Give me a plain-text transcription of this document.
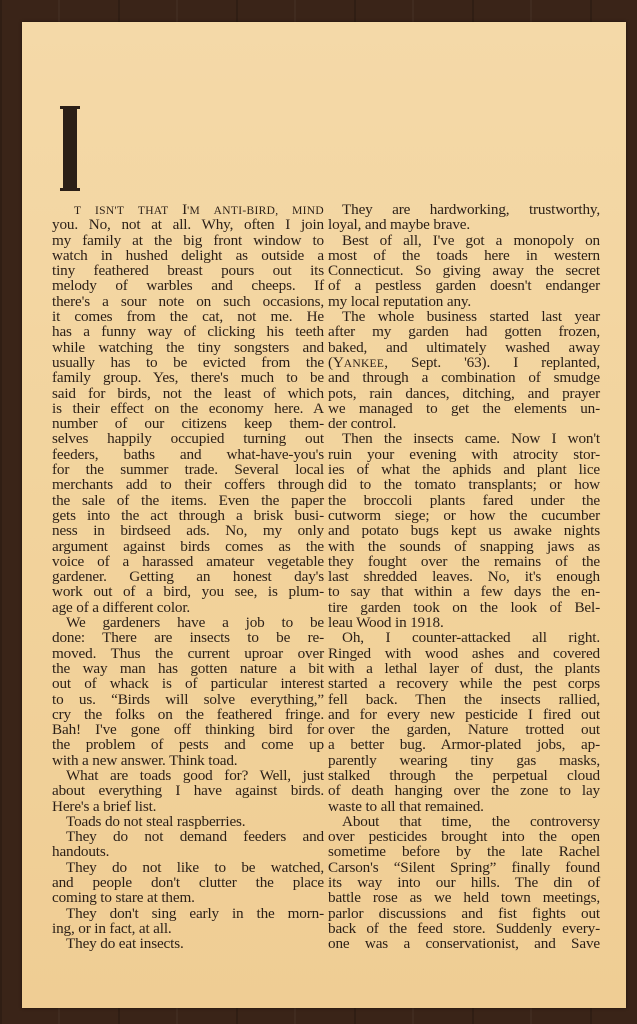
T ISN'T THAT I'M ANTI-BIRD, MIND
you. No, not at all. Why, often I join
my family at the big front window to
watch in hushed delight as outside a
tiny feathered breast pours out its
melody of warbles and cheeps. If
there's a sour note on such occasions,
it comes from the cat, not me. He
has a funny way of clicking his teeth
while watching the tiny songsters and
usually has to be evicted from the
family group. Yes, there's much to be
said for birds, not the least of which
is their effect on the economy here. A
number of our citizens keep them-
selves happily occupied turning out
feeders, baths and what-have-you's
for the summer trade. Several local
merchants add to their coffers through
the sale of the items. Even the paper
gets into the act through a brisk busi-
ness in birdseed ads. No, my only
argument against birds comes as the
voice of a harassed amateur vegetable
gardener. Getting an honest day's
work out of a bird, you see, is plum-
age of a different color.
We gardeners have a job to be
done: There are insects to be re-
moved. Thus the current uproar over
the way man has gotten nature a bit
out of whack is of particular interest
to us. “Birds will solve everything,”
cry the folks on the feathered fringe.
Bah! I've gone off thinking bird for
the problem of pests and come up
with a new answer. Think toad.
What are toads good for? Well, just
about everything I have against birds.
Here's a brief list.
Toads do not steal raspberries.
They do not demand feeders and
handouts.
They do not like to be watched,
and people don't clutter the place
coming to stare at them.
They don't sing early in the morn-
ing, or in fact, at all.
They do eat insects.
They are hardworking, trustworthy,
loyal, and maybe brave.
Best of all, I've got a monopoly on
most of the toads here in western
Connecticut. So giving away the secret
of a pestless garden doesn't endanger
my local reputation any.
The whole business started last year
after my garden had gotten frozen,
baked, and ultimately washed away
(YANKEE, Sept. '63). I replanted,
and through a combination of smudge
pots, rain dances, ditching, and prayer
we managed to get the elements un-
der control.
Then the insects came. Now I won't
ruin your evening with atrocity stor-
ies of what the aphids and plant lice
did to the tomato transplants; or how
the broccoli plants fared under the
cutworm siege; or how the cucumber
and potato bugs kept us awake nights
with the sounds of snapping jaws as
they fought over the remains of the
last shredded leaves. No, it's enough
to say that within a few days the en-
tire garden took on the look of Bel-
leau Wood in 1918.
Oh, I counter-attacked all right.
Ringed with wood ashes and covered
with a lethal layer of dust, the plants
started a recovery while the pest corps
fell back. Then the insects rallied,
and for every new pesticide I fired out
over the garden, Nature trotted out
a better bug. Armor-plated jobs, ap-
parently wearing tiny gas masks,
stalked through the perpetual cloud
of death hanging over the zone to lay
waste to all that remained.
About that time, the controversy
over pesticides brought into the open
sometime before by the late Rachel
Carson's “Silent Spring” finally found
its way into our hills. The din of
battle rose as we held town meetings,
parlor discussions and fist fights out
back of the feed store. Suddenly every-
one was a conservationist, and Save
